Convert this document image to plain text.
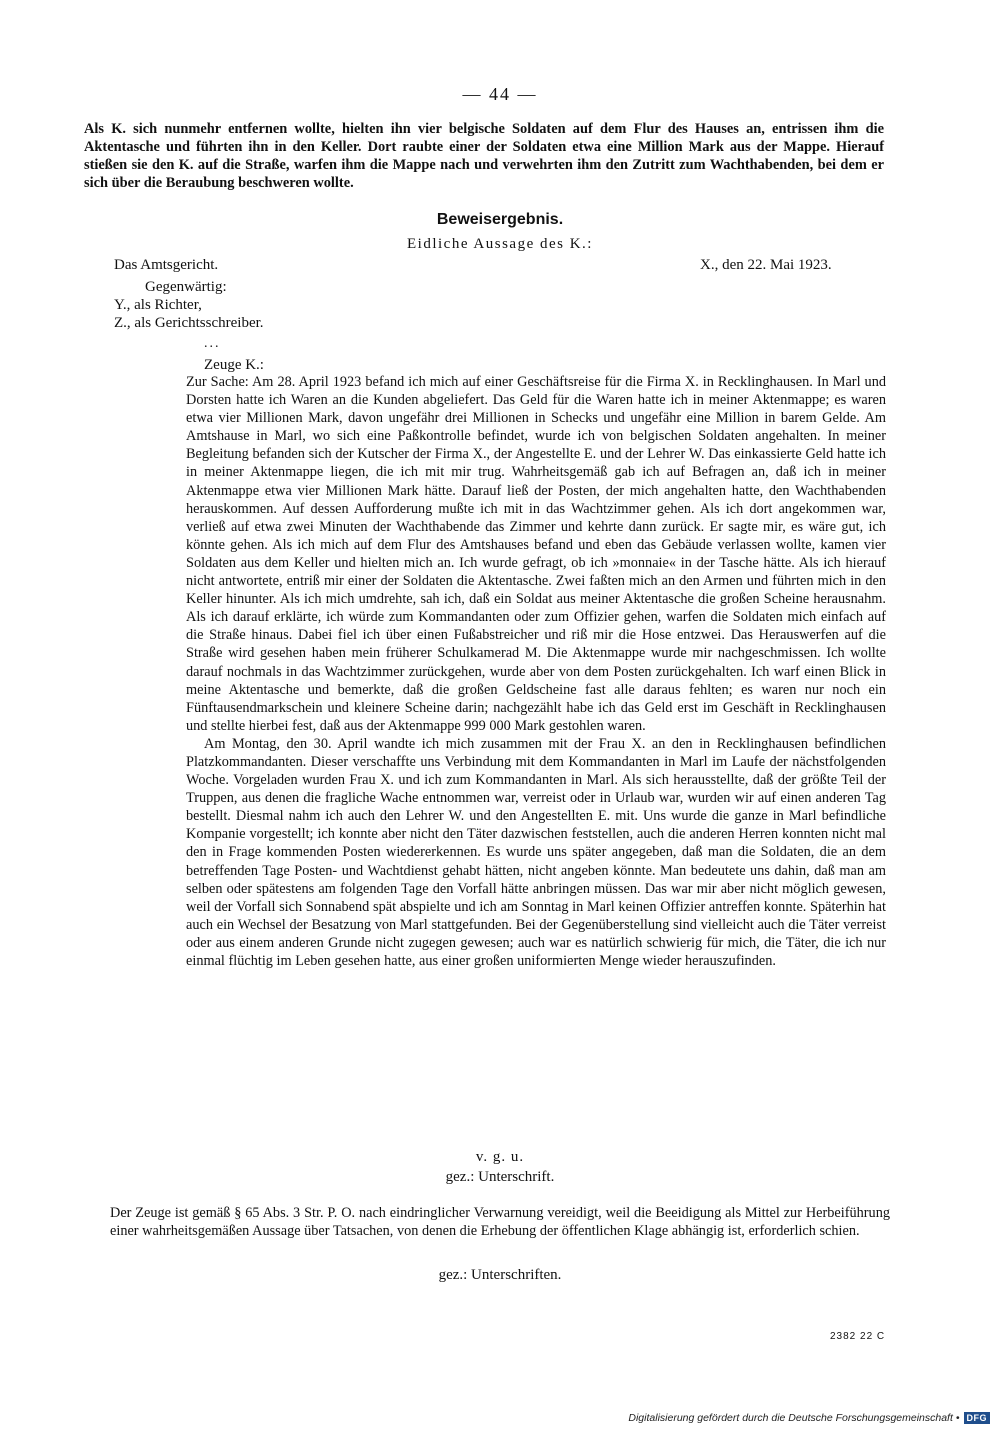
— 44 —
Als K. sich nunmehr entfernen wollte, hielten ihn vier belgische Soldaten auf dem Flur des Hauses an, entrissen ihm die Aktentasche und führten ihn in den Keller. Dort raubte einer der Soldaten etwa eine Million Mark aus der Mappe. Hierauf stießen sie den K. auf die Straße, warfen ihm die Mappe nach und verwehrten ihm den Zutritt zum Wachthabenden, bei dem er sich über die Beraubung beschweren wollte.
Beweisergebnis.
Eidliche Aussage des K.:
Das Amtsgericht.	X., den 22. Mai 1923.
Gegenwärtig:
Y., als Richter,
Z., als Gerichtsschreiber.
...
Zeuge K.:

Zur Sache: Am 28. April 1923 befand ich mich auf einer Geschäftsreise für die Firma X. in Recklinghausen. In Marl und Dorsten hatte ich Waren an die Kunden abgeliefert. Das Geld für die Waren hatte ich in meiner Aktenmappe; es waren etwa vier Millionen Mark, davon ungefähr drei Millionen in Schecks und ungefähr eine Million in barem Gelde. Am Amtshause in Marl, wo sich eine Paßkontrolle befindet, wurde ich von belgischen Soldaten angehalten. In meiner Begleitung befanden sich der Kutscher der Firma X., der Angestellte E. und der Lehrer W. Das einkassierte Geld hatte ich in meiner Aktenmappe liegen, die ich mit mir trug. Wahrheitsgemäß gab ich auf Befragen an, daß ich in meiner Aktenmappe etwa vier Millionen Mark hätte. Darauf ließ der Posten, der mich angehalten hatte, den Wachthabenden herauskommen. Auf dessen Aufforderung mußte ich mit in das Wachtzimmer gehen. Als ich dort angekommen war, verließ auf etwa zwei Minuten der Wachthabende das Zimmer und kehrte dann zurück. Er sagte mir, es wäre gut, ich könnte gehen. Als ich mich auf dem Flur des Amtshauses befand und eben das Gebäude verlassen wollte, kamen vier Soldaten aus dem Keller und hielten mich an. Ich wurde gefragt, ob ich »monnaie« in der Tasche hätte. Als ich hierauf nicht antwortete, entriß mir einer der Soldaten die Aktentasche. Zwei faßten mich an den Armen und führten mich in den Keller hinunter. Als ich mich umdrehte, sah ich, daß ein Soldat aus meiner Aktentasche die großen Scheine herausnahm. Als ich darauf erklärte, ich würde zum Kommandanten oder zum Offizier gehen, warfen die Soldaten mich einfach auf die Straße hinaus. Dabei fiel ich über einen Fußabstreicher und riß mir die Hose entzwei. Das Herauswerfen auf die Straße wird gesehen haben mein früherer Schulkamerad M. Die Aktenmappe wurde mir nachgeschmissen. Ich wollte darauf nochmals in das Wachtzimmer zurückgehen, wurde aber von dem Posten zurückgehalten. Ich warf einen Blick in meine Aktentasche und bemerkte, daß die großen Geldscheine fast alle daraus fehlten; es waren nur noch ein Fünftausendmarkschein und kleinere Scheine darin; nachgezählt habe ich das Geld erst im Geschäft in Recklinghausen und stellte hierbei fest, daß aus der Aktenmappe 999 000 Mark gestohlen waren.

Am Montag, den 30. April wandte ich mich zusammen mit der Frau X. an den in Recklinghausen befindlichen Platzkommandanten. Dieser verschaffte uns Verbindung mit dem Kommandanten in Marl im Laufe der nächstfolgenden Woche. Vorgeladen wurden Frau X. und ich zum Kommandanten in Marl. Als sich herausstellte, daß der größte Teil der Truppen, aus denen die fragliche Wache entnommen war, verreist oder in Urlaub war, wurden wir auf einen anderen Tag bestellt. Diesmal nahm ich auch den Lehrer W. und den Angestellten E. mit. Uns wurde die ganze in Marl befindliche Kompanie vorgestellt; ich konnte aber nicht den Täter dazwischen feststellen, auch die anderen Herren konnten nicht mal den in Frage kommenden Posten wiedererkennen. Es wurde uns später angegeben, daß man die Soldaten, die an dem betreffenden Tage Posten- und Wachtdienst gehabt hätten, nicht angeben könnte. Man bedeutete uns dahin, daß man am selben oder spätestens am folgenden Tage den Vorfall hätte anbringen müssen. Das war mir aber nicht möglich gewesen, weil der Vorfall sich Sonnabend spät abspielte und ich am Sonntag in Marl keinen Offizier antreffen konnte. Späterhin hat auch ein Wechsel der Besatzung von Marl stattgefunden. Bei der Gegenüberstellung sind vielleicht auch die Täter verreist oder aus einem anderen Grunde nicht zugegen gewesen; auch war es natürlich schwierig für mich, die Täter, die ich nur einmal flüchtig im Leben gesehen hatte, aus einer großen uniformierten Menge wieder herauszufinden.

v. g. u.
gez.: Unterschrift.
Der Zeuge ist gemäß § 65 Abs. 3 Str. P. O. nach eindringlicher Verwarnung vereidigt, weil die Beeidigung als Mittel zur Herbeiführung einer wahrheitsgemäßen Aussage über Tatsachen, von denen die Erhebung der öffentlichen Klage abhängig ist, erforderlich schien.
gez.: Unterschriften.
2382 22 C
Digitalisierung gefördert durch die Deutsche Forschungsgemeinschaft • DFG
